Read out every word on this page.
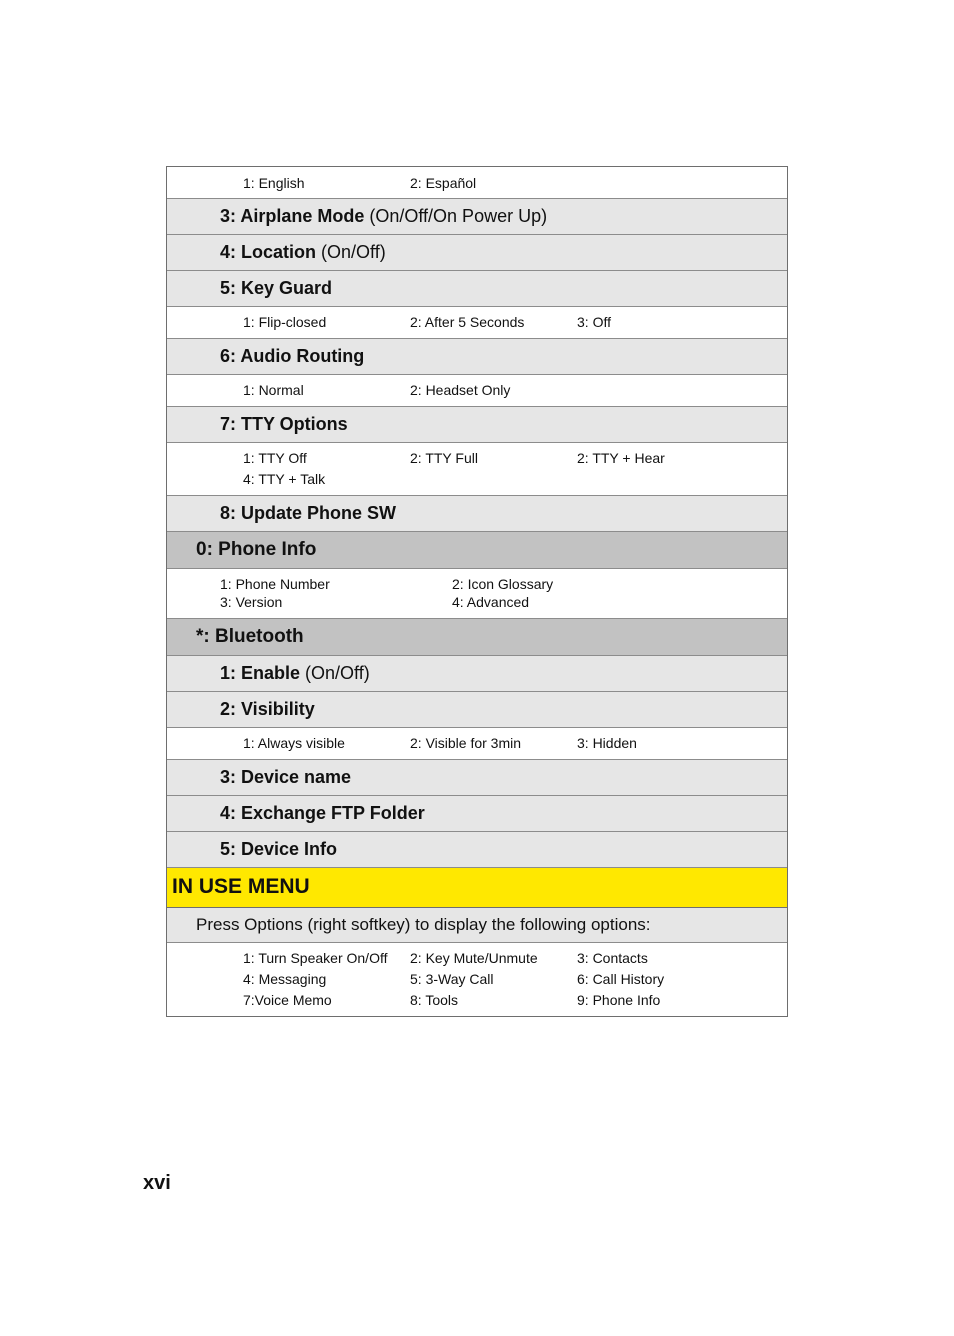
1: English	2: Español
3: Airplane Mode (On/Off/On Power Up)
4: Location (On/Off)
5: Key Guard
1: Flip-closed	2: After 5 Seconds	3: Off
6: Audio Routing
1: Normal	2: Headset Only
7: TTY Options
1: TTY Off	2: TTY Full	2: TTY + Hear
4: TTY + Talk
8: Update Phone SW
0: Phone Info
1: Phone Number	2: Icon Glossary
3: Version	4: Advanced
*: Bluetooth
1: Enable (On/Off)
2: Visibility
1: Always visible	2: Visible for 3min	3: Hidden
3: Device name
4: Exchange FTP Folder
5: Device Info
IN USE MENU
Press Options (right softkey) to display the following options:
1: Turn Speaker On/Off 2: Key Mute/Unmute	3: Contacts
4: Messaging	5: 3-Way Call	6: Call History
7:Voice Memo	8: Tools	9: Phone Info
xvi
